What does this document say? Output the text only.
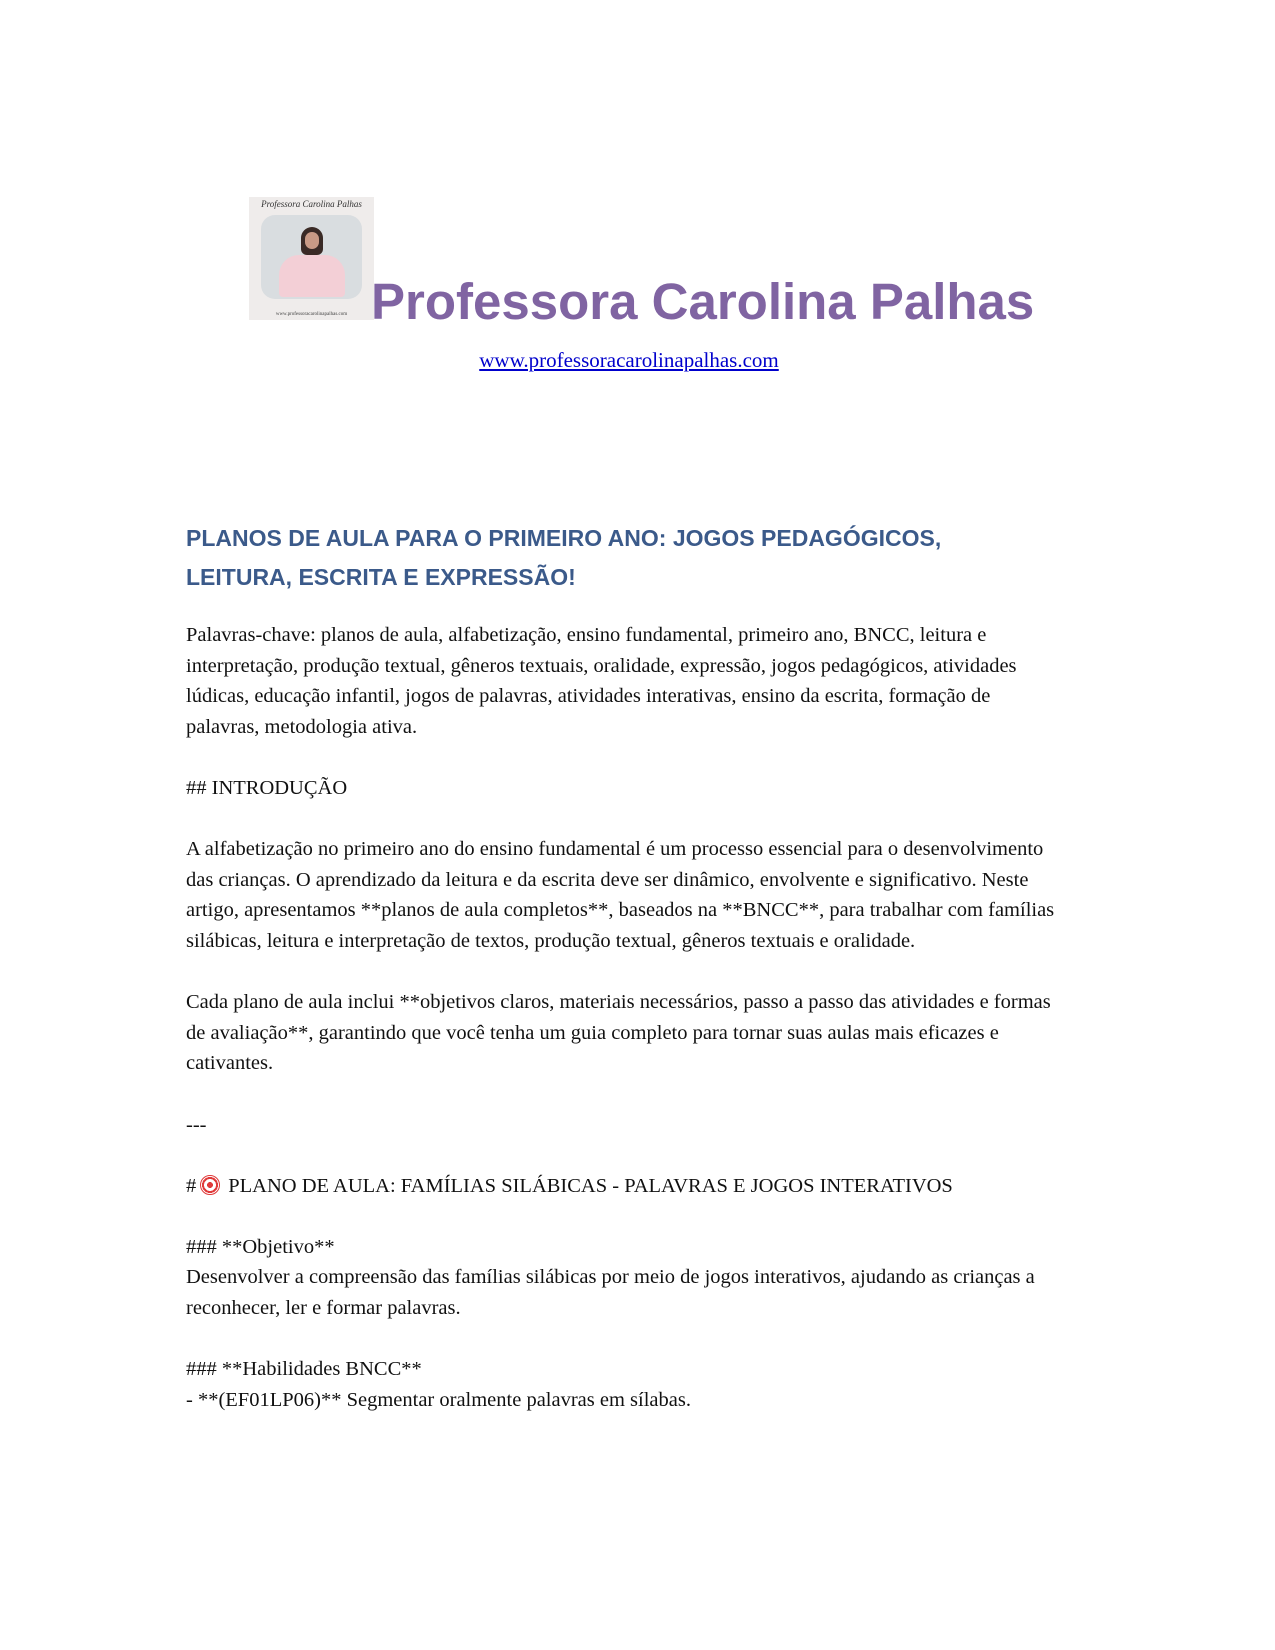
Professora Carolina Palhas
www.professoracarolinapalhas.com Professora Carolina Palhas
www.professoracarolinapalhas.com
PLANOS DE AULA PARA O PRIMEIRO ANO: JOGOS PEDAGÓGICOS,
LEITURA, ESCRITA E EXPRESSÃO!

Palavras-chave: planos de aula, alfabetização, ensino fundamental, primeiro ano, BNCC, leitura e interpretação, produção textual, gêneros textuais, oralidade, expressão, jogos pedagógicos, atividades lúdicas, educação infantil, jogos de palavras, atividades interativas, ensino da escrita, formação de palavras, metodologia ativa.

## INTRODUÇÃO

A alfabetização no primeiro ano do ensino fundamental é um processo essencial para o desenvolvimento das crianças. O aprendizado da leitura e da escrita deve ser dinâmico, envolvente e significativo. Neste artigo, apresentamos **planos de aula completos**, baseados na **BNCC**, para trabalhar com famílias silábicas, leitura e interpretação de textos, produção textual, gêneros textuais e oralidade.

Cada plano de aula inclui **objetivos claros, materiais necessários, passo a passo das atividades e formas de avaliação**, garantindo que você tenha um guia completo para tornar suas aulas mais eficazes e cativantes.

---

# PLANO DE AULA: FAMÍLIAS SILÁBICAS - PALAVRAS E JOGOS INTERATIVOS

### **Objetivo**

Desenvolver a compreensão das famílias silábicas por meio de jogos interativos, ajudando as crianças a reconhecer, ler e formar palavras.

### **Habilidades BNCC**

- **(EF01LP06)** Segmentar oralmente palavras em sílabas.
